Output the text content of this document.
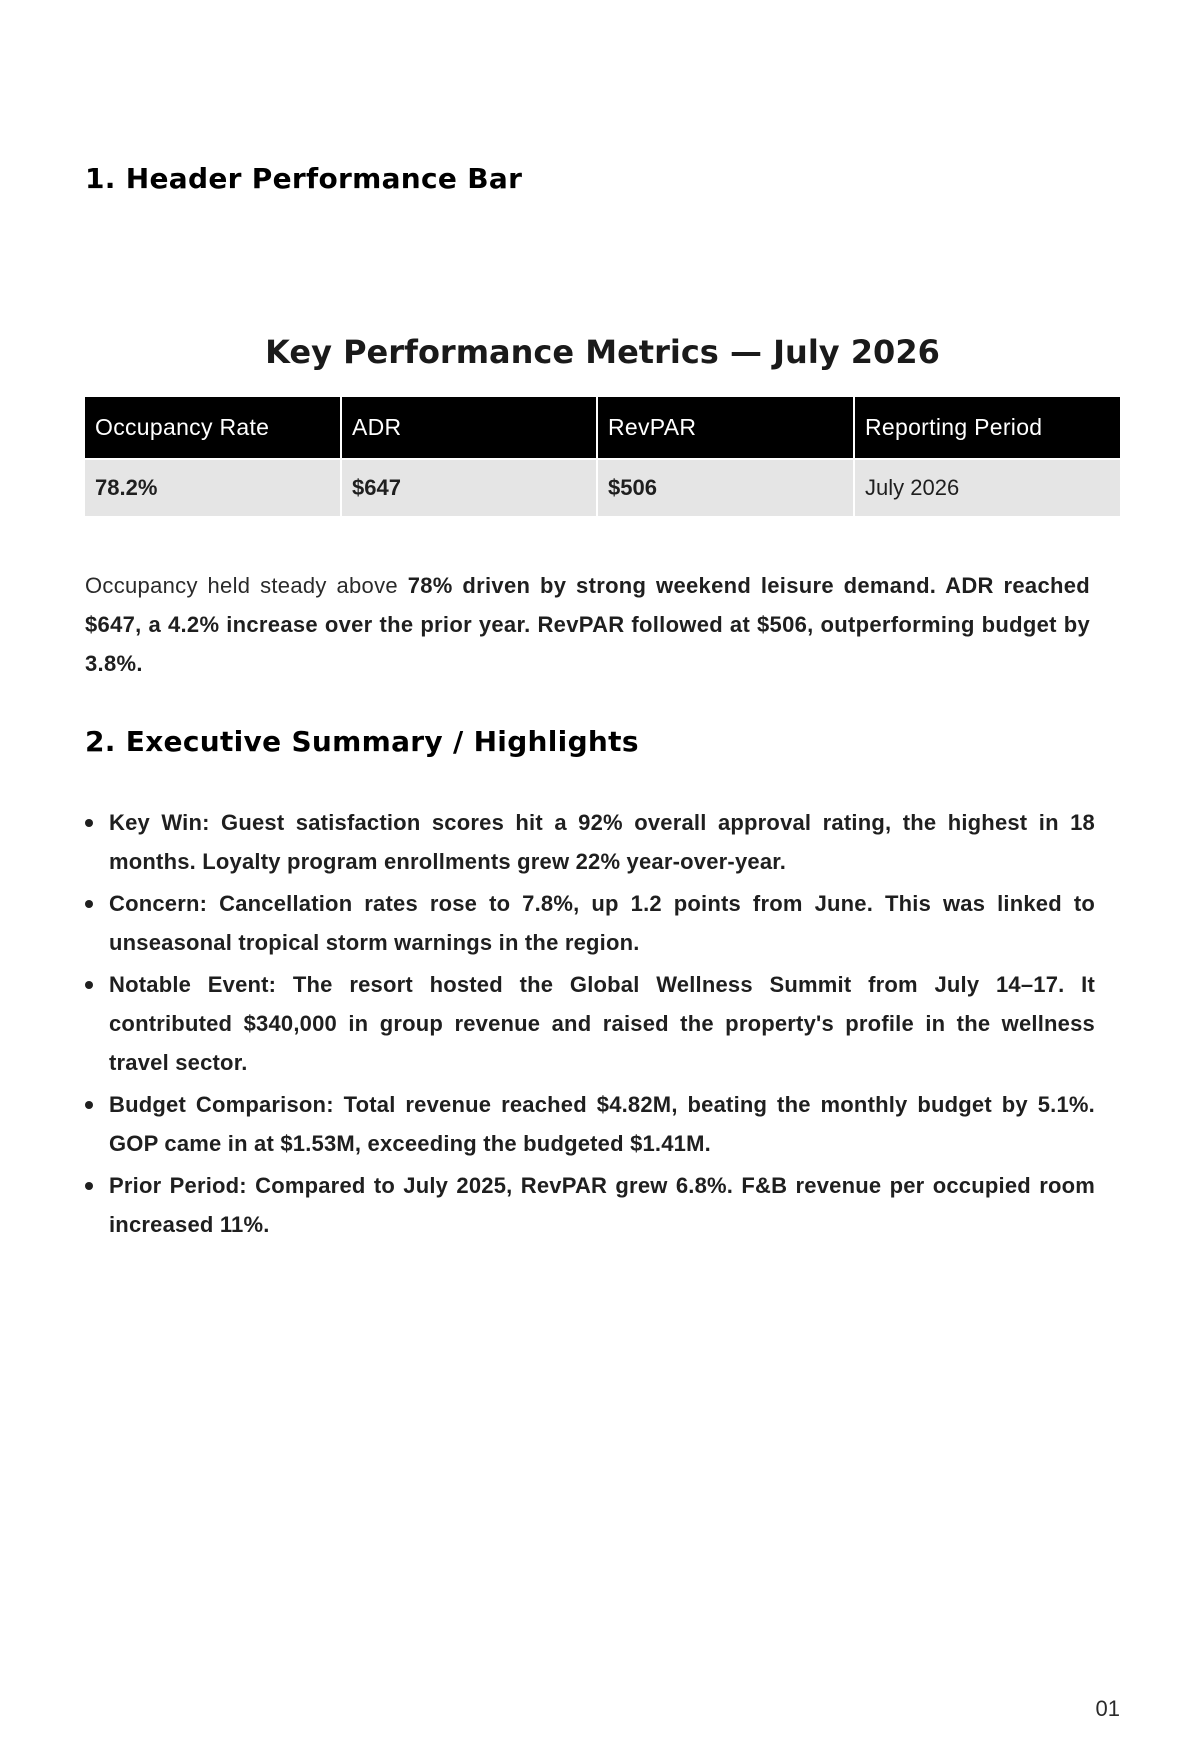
1. Header Performance Bar
Key Performance Metrics — July 2026
Occupancy Rate	ADR	RevPAR	Reporting Period
78.2%	$647	$506	July 2026

Occupancy held steady above 78% driven by strong weekend leisure demand. ADR reached $647, a 4.2% increase over the prior year. RevPAR followed at $506, outperforming budget by 3.8%.

2. Executive Summary / Highlights
Key Win: Guest satisfaction scores hit a 92% overall approval rating, the highest in 18 months. Loyalty program enrollments grew 22% year-over-year.
Concern: Cancellation rates rose to 7.8%, up 1.2 points from June. This was linked to unseasonal tropical storm warnings in the region.
Notable Event: The resort hosted the Global Wellness Summit from July 14–17. It contributed $340,000 in group revenue and raised the property's profile in the wellness travel sector.
Budget Comparison: Total revenue reached $4.82M, beating the monthly budget by 5.1%. GOP came in at $1.53M, exceeding the budgeted $1.41M.
Prior Period: Compared to July 2025, RevPAR grew 6.8%. F&B revenue per occupied room increased 11%.

01
